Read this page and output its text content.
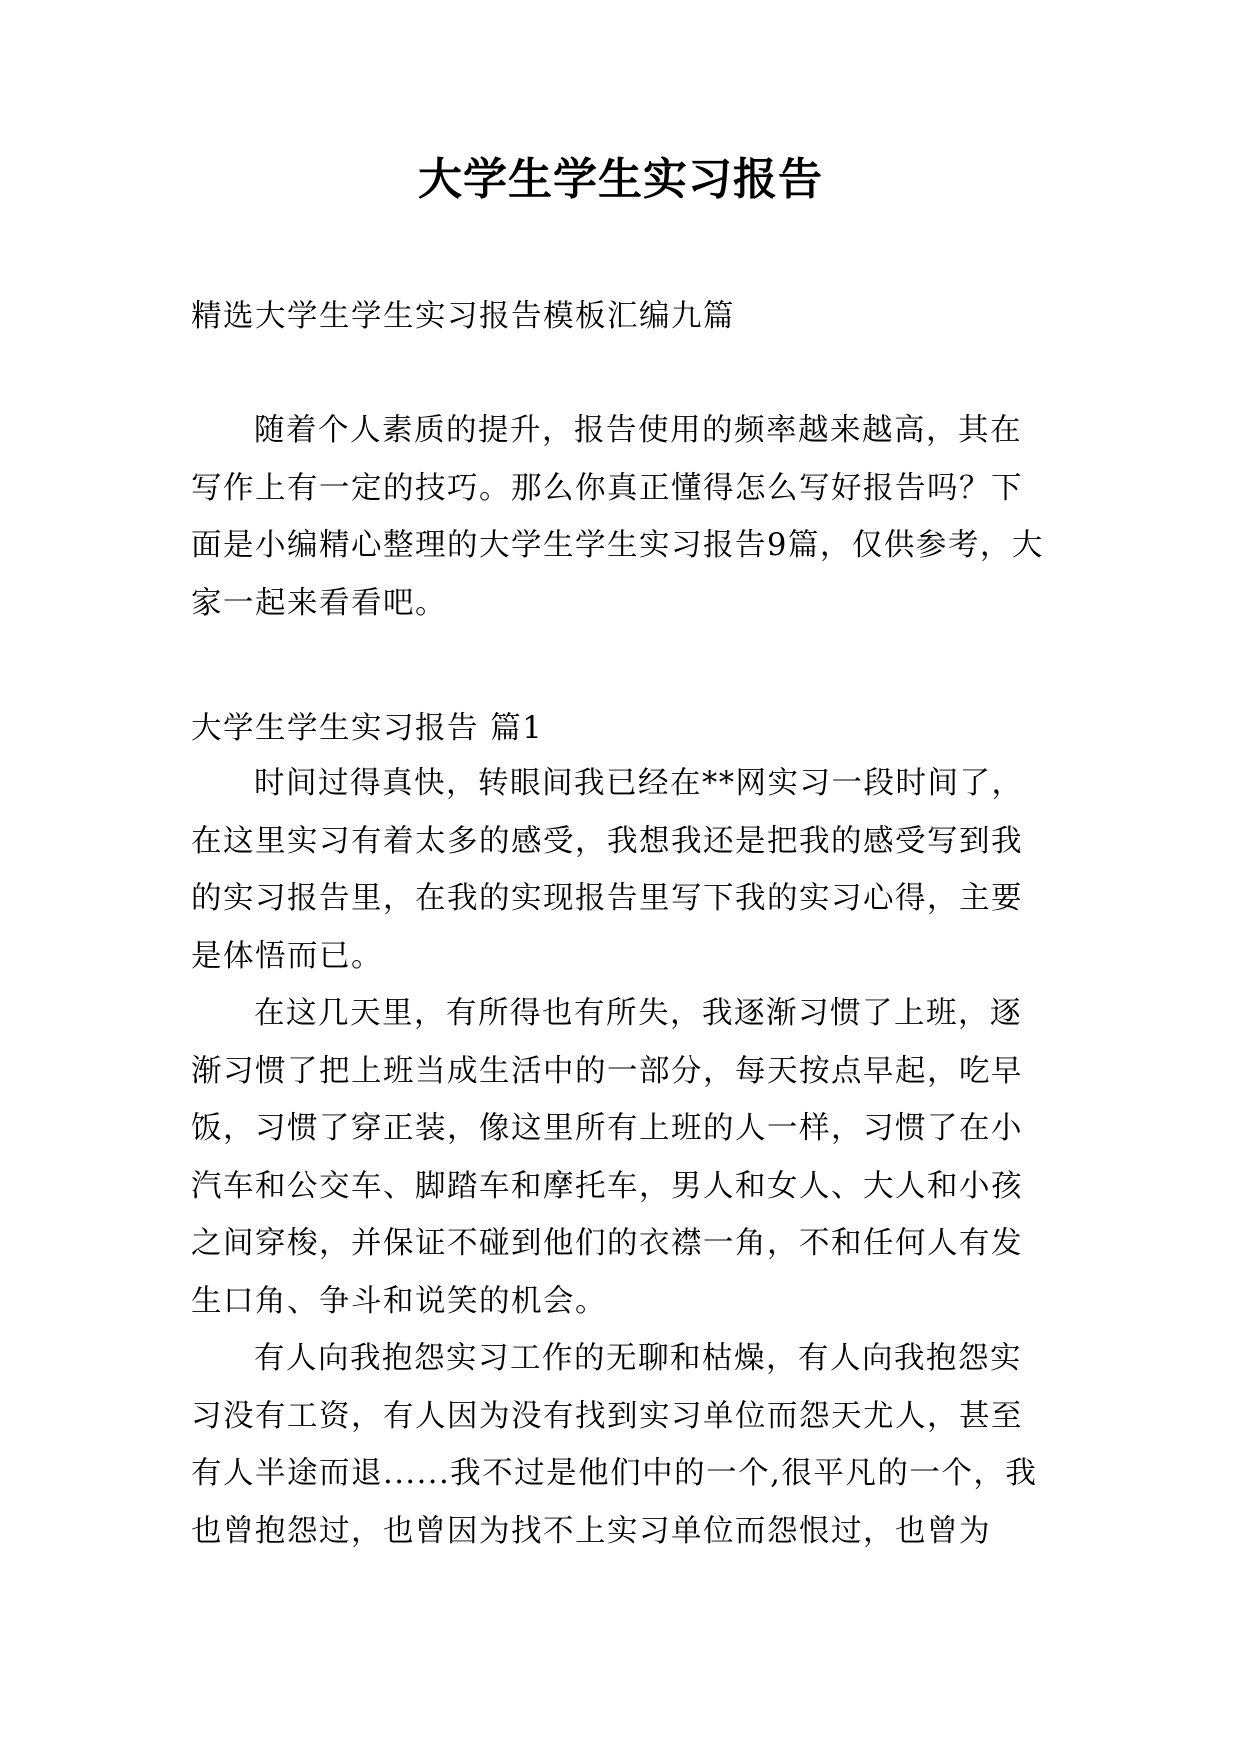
大学生学生实习报告

精选大学生学生实习报告模板汇编九篇

随着个人素质的提升，报告使用的频率越来越高，其在写作上有一定的技巧。那么你真正懂得怎么写好报告吗？下面是小编精心整理的大学生学生实习报告9篇，仅供参考，大家一起来看看吧。

大学生学生实习报告 篇1

时间过得真快，转眼间我已经在**网实习一段时间了，在这里实习有着太多的感受，我想我还是把我的感受写到我的实习报告里，在我的实现报告里写下我的实习心得，主要是体悟而已。

在这几天里，有所得也有所失，我逐渐习惯了上班，逐渐习惯了把上班当成生活中的一部分，每天按点早起，吃早饭，习惯了穿正装，像这里所有上班的人一样，习惯了在小汽车和公交车、脚踏车和摩托车，男人和女人、大人和小孩之间穿梭，并保证不碰到他们的衣襟一角，不和任何人有发生口角、争斗和说笑的机会。

有人向我抱怨实习工作的无聊和枯燥，有人向我抱怨实习没有工资，有人因为没有找到实习单位而怨天尤人，甚至有人半途而退......我不过是他们中的一个,很平凡的一个，我也曾抱怨过，也曾因为找不上实习单位而怨恨过，也曾为
